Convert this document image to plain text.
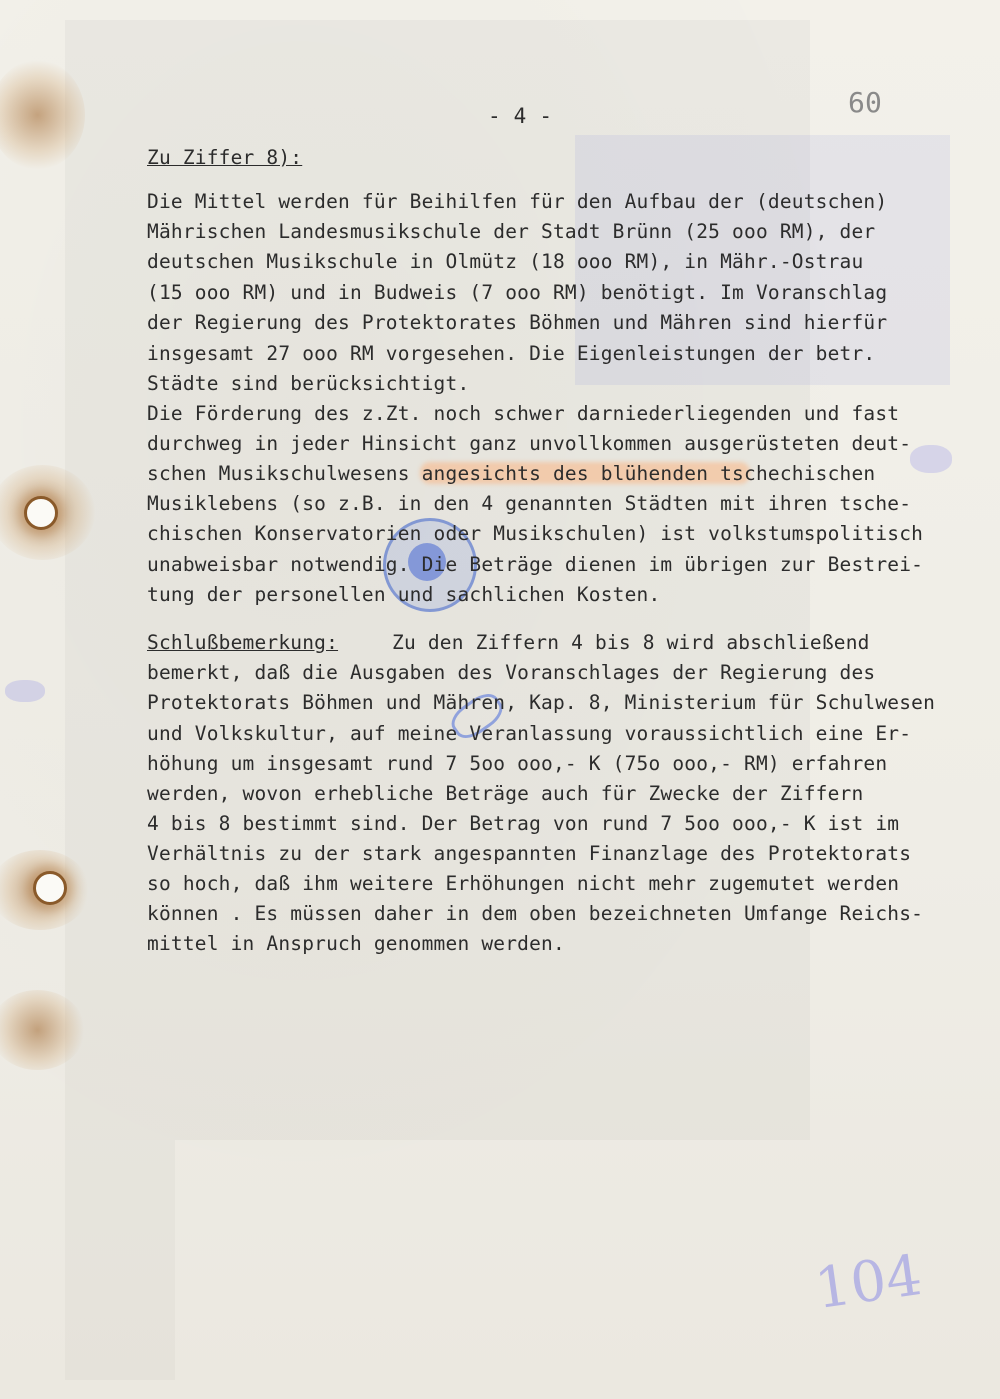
60
- 4 -
Zu Ziffer 8):
Die Mittel werden für Beihilfen für den Aufbau der (deutschen)
Mährischen Landesmusikschule der Stadt Brünn (25 ooo RM), der
deutschen Musikschule in Olmütz (18 ooo RM), in Mähr.-Ostrau
(15 ooo RM) und in Budweis (7 ooo RM) benötigt. Im Voranschlag
der Regierung des Protektorates Böhmen und Mähren sind hierfür
insgesamt 27 ooo RM vorgesehen. Die Eigenleistungen der betr.
Städte sind berücksichtigt.
Die Förderung des z.Zt. noch schwer darniederliegenden und fast
durchweg in jeder Hinsicht ganz unvollkommen ausgerüsteten deut-
schen Musikschulwesens angesichts des blühenden tschechischen
Musiklebens (so z.B. in den 4 genannten Städten mit ihren tsche-
chischen Konservatorien oder Musikschulen) ist volkstumspolitisch
unabweisbar notwendig. Die Beträge dienen im übrigen zur Bestrei-
tung der personellen und sachlichen Kosten.
Schlußbemerkung:	Zu den Ziffern 4 bis 8 wird abschließend
bemerkt, daß die Ausgaben des Voranschlages der Regierung des
Protektorats Böhmen und Mähren, Kap. 8, Ministerium für Schulwesen
und Volkskultur, auf meine Veranlassung voraussichtlich eine Er-
höhung um insgesamt rund 7 5oo ooo,- K (75o ooo,- RM) erfahren
werden, wovon erhebliche Beträge auch für Zwecke der Ziffern
4 bis 8 bestimmt sind. Der Betrag von rund 7 5oo ooo,- K ist im
Verhältnis zu der stark angespannten Finanzlage des Protektorats
so hoch, daß ihm weitere Erhöhungen nicht mehr zugemutet werden
können . Es müssen daher in dem oben bezeichneten Umfange Reichs-
mittel in Anspruch genommen werden.
104
